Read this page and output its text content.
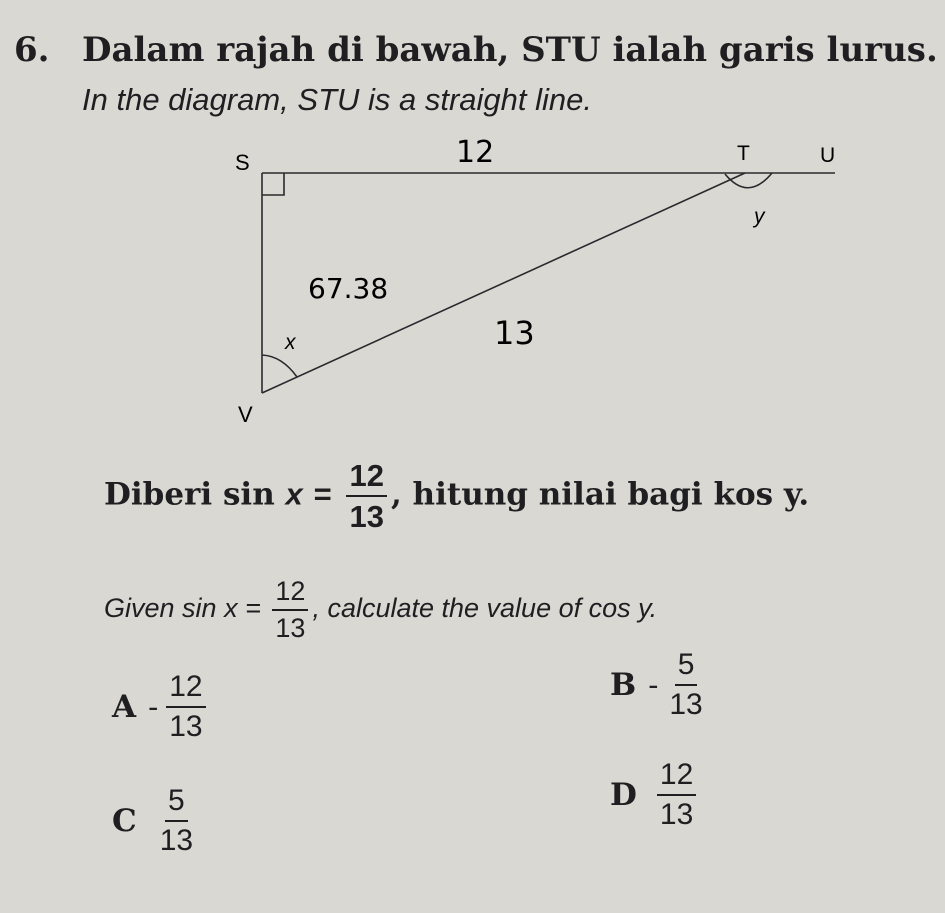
6. Dalam rajah di bawah, STU ialah garis lurus.
In the diagram, STU is a straight line.
S	T	U
V
x
y
12
67.38
13
Diberi $\sin x = \frac{12}{13}$ , hitung nilai bagi kos y.
Given $\sin x = \frac{12}{13}$ , calculate the value of cos y.
A - $\frac{12}{13}$	B - $\frac{5}{13}$
C $\frac{5}{13}$	D $\frac{12}{13}$
